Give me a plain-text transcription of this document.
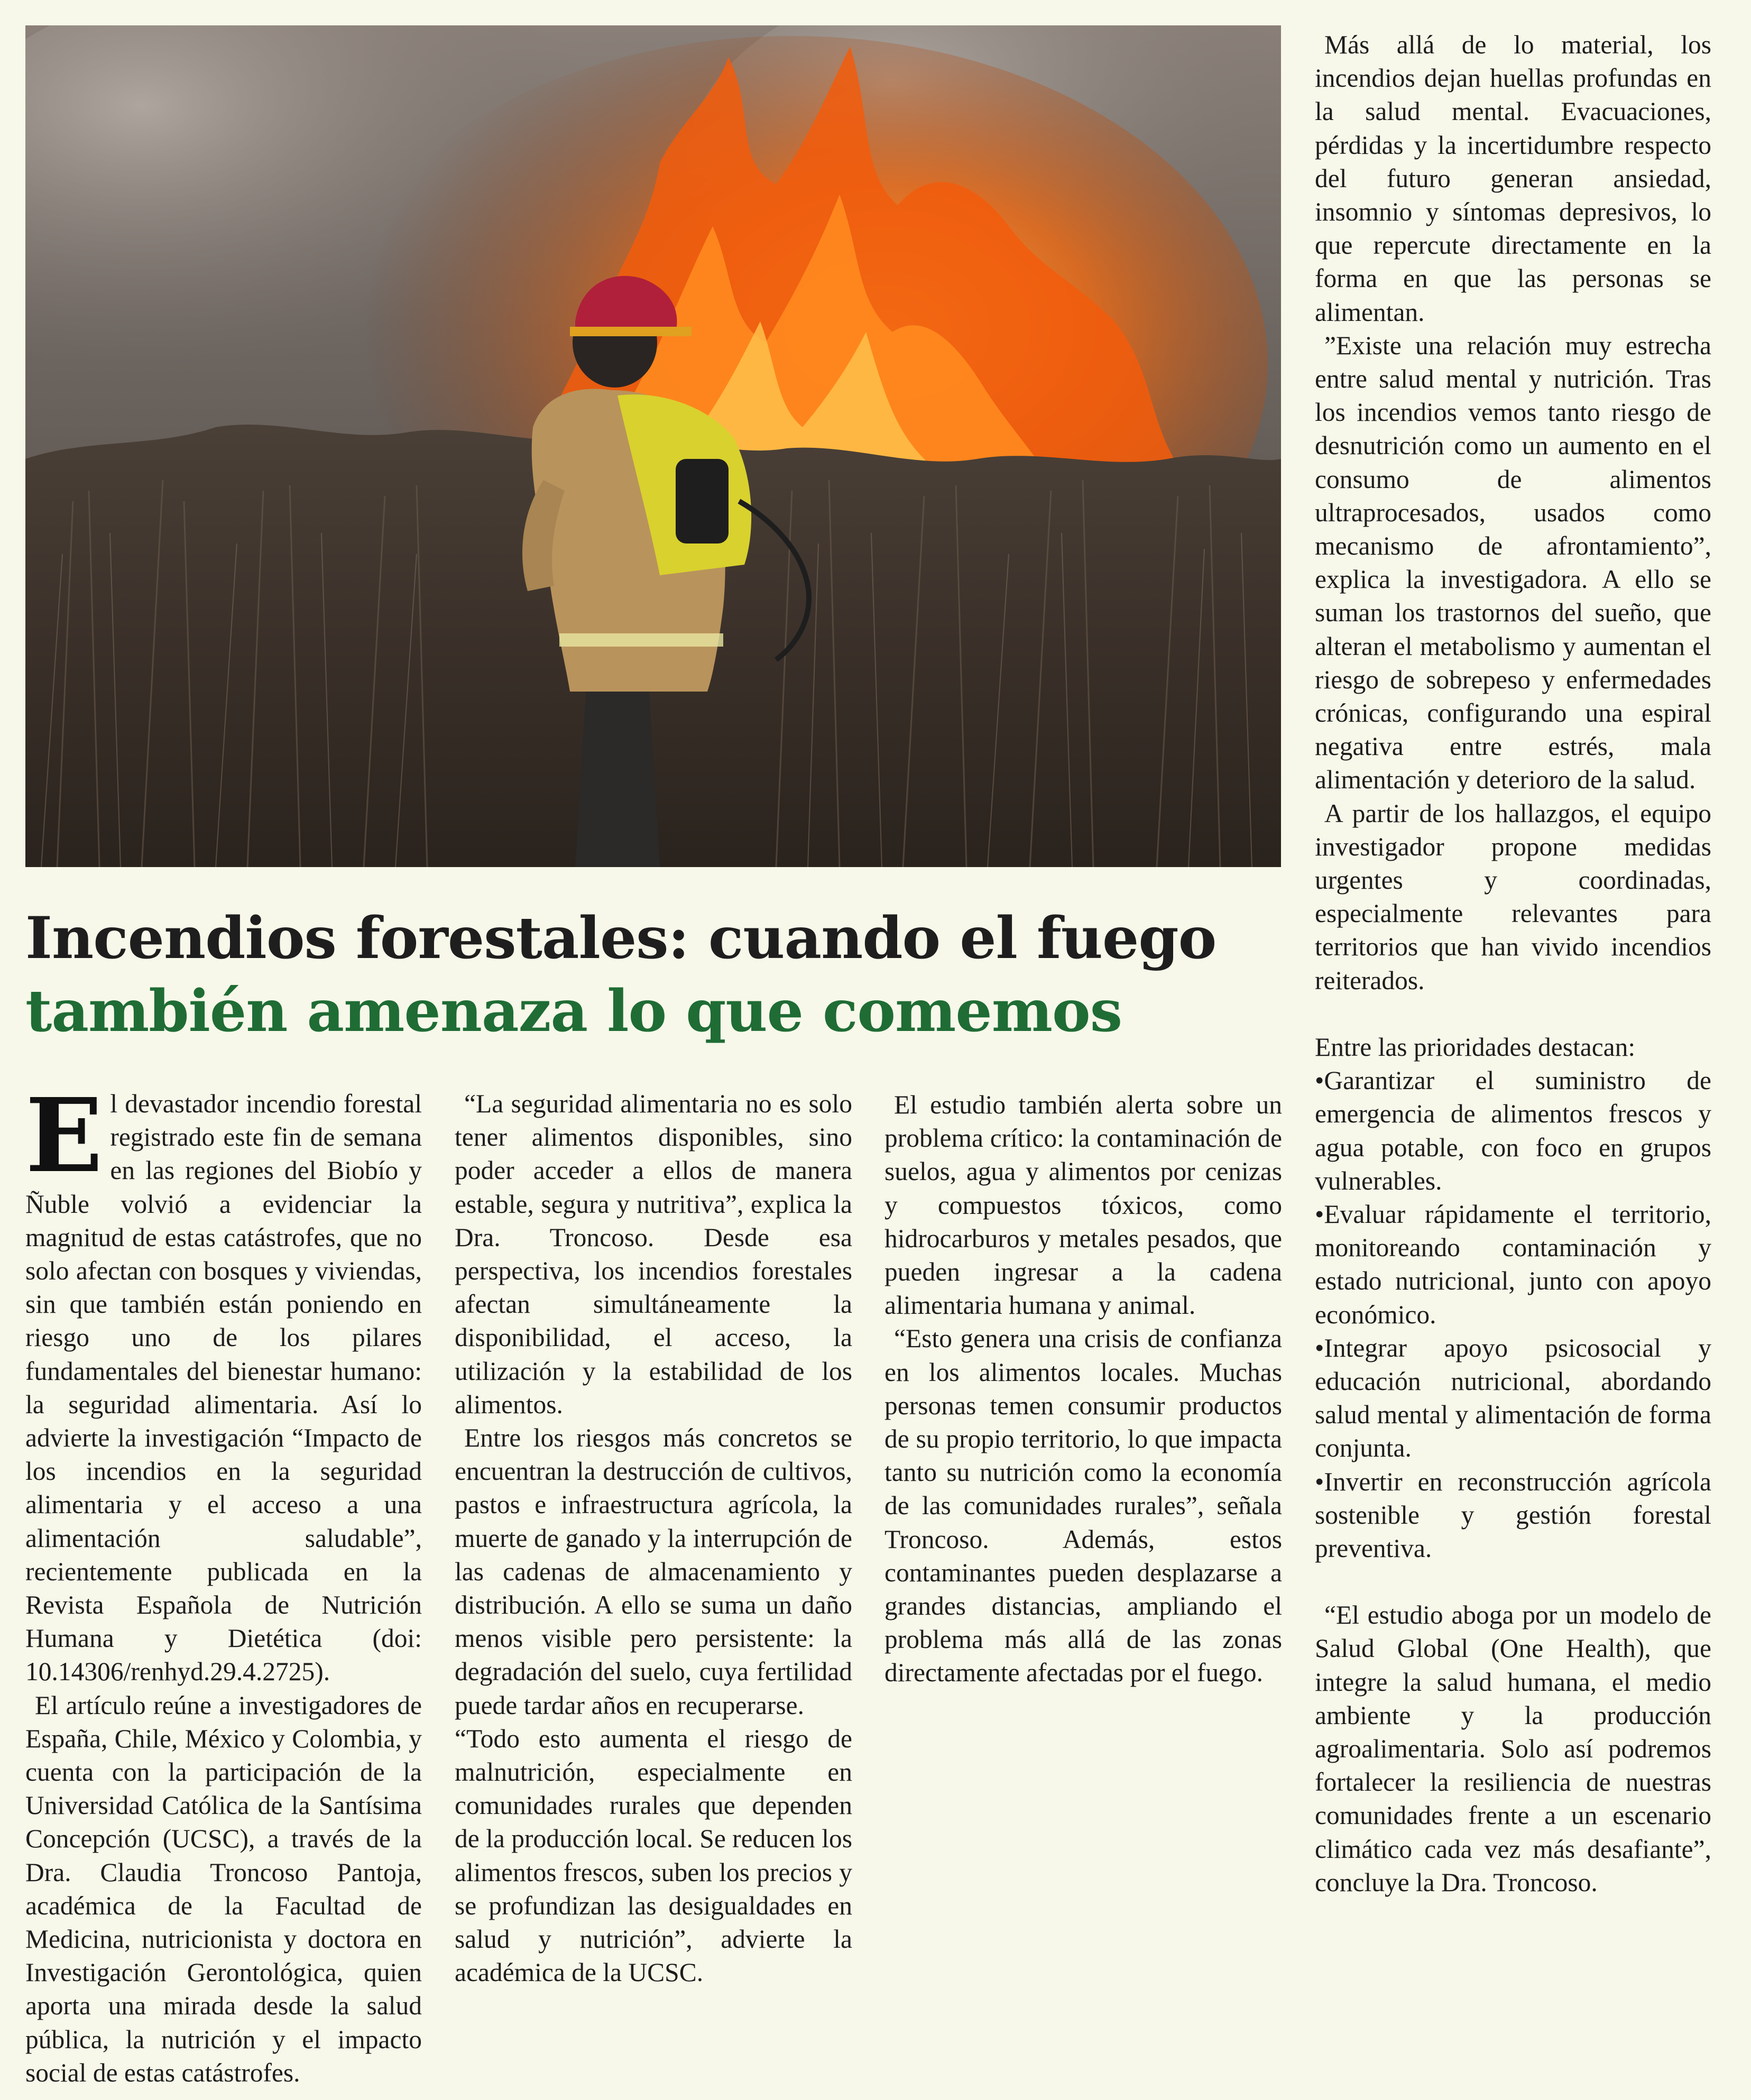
Incendios forestales: cuando el fuego
también amenaza lo que comemos
E l devastador incendio forestal registrado este fin de semana en las regiones del Biobío y Ñuble volvió a evidenciar la magnitud de estas catástrofes, que no solo afectan con bosques y viviendas, sin que también están poniendo en riesgo uno de los pilares fundamentales del bienestar humano: la seguridad alimentaria. Así lo advierte la investigación “Impacto de los incendios en la seguridad alimentaria y el acceso a una alimentación saludable”, recientemente publicada en la Revista Española de Nutrición Humana y Dietética (doi: 10.14306/renhyd.29.4.2725).

El artículo reúne a investigadores de España, Chile, México y Colombia, y cuenta con la participación de la Universidad Católica de la Santísima Concepción (UCSC), a través de la Dra. Claudia Troncoso Pantoja, académica de la Facultad de Medicina, nutricionista y doctora en Investigación Gerontológica, quien aporta una mirada desde la salud pública, la nutrición y el impacto social de estas catástrofes.

“La seguridad alimentaria no es solo tener alimentos disponibles, sino poder acceder a ellos de manera estable, segura y nutritiva”, explica la Dra. Troncoso. Desde esa perspectiva, los incendios forestales afectan simultáneamente la disponibilidad, el acceso, la utilización y la estabilidad de los alimentos.

Entre los riesgos más concretos se encuentran la destrucción de cultivos, pastos e infraestructura agrícola, la muerte de ganado y la interrupción de las cadenas de almacenamiento y distribución. A ello se suma un daño menos visible pero persistente: la degradación del suelo, cuya fertilidad puede tardar años en recuperarse.

“Todo esto aumenta el riesgo de malnutrición, especialmente en comunidades rurales que dependen de la producción local. Se reducen los alimentos frescos, suben los precios y se profundizan las desigualdades en salud y nutrición”, advierte la académica de la UCSC.

El estudio también alerta sobre un problema crítico: la contaminación de suelos, agua y alimentos por cenizas y compuestos tóxicos, como hidrocarburos y metales pesados, que pueden ingresar a la cadena alimentaria humana y animal.

“Esto genera una crisis de confianza en los alimentos locales. Muchas personas temen consumir productos de su propio territorio, lo que impacta tanto su nutrición como la economía de las comunidades rurales”, señala Troncoso. Además, estos contaminantes pueden desplazarse a grandes distancias, ampliando el problema más allá de las zonas directamente afectadas por el fuego.

Más allá de lo material, los incendios dejan huellas profundas en la salud mental. Evacuaciones, pérdidas y la incertidumbre respecto del futuro generan ansiedad, insomnio y síntomas depresivos, lo que repercute directamente en la forma en que las personas se alimentan.

”Existe una relación muy estrecha entre salud mental y nutrición. Tras los incendios vemos tanto riesgo de desnutrición como un aumento en el consumo de alimentos ultraprocesados, usados como mecanismo de afrontamiento”, explica la investigadora. A ello se suman los trastornos del sueño, que alteran el metabolismo y aumentan el riesgo de sobrepeso y enfermedades crónicas, configurando una espiral negativa entre estrés, mala alimentación y deterioro de la salud.

A partir de los hallazgos, el equipo investigador propone medidas urgentes y coordinadas, especialmente relevantes para territorios que han vivido incendios reiterados.

Entre las prioridades destacan:

• Garantizar el suministro de emergencia de alimentos frescos y agua potable, con foco en grupos vulnerables.

• Evaluar rápidamente el territorio, monitoreando contaminación y estado nutricional, junto con apoyo económico.

• Integrar apoyo psicosocial y educación nutricional, abordando salud mental y alimentación de forma conjunta.

• Invertir en reconstrucción agrícola sostenible y gestión forestal preventiva.

“El estudio aboga por un modelo de Salud Global (One Health), que integre la salud humana, el medio ambiente y la producción agroalimentaria. Solo así podremos fortalecer la resiliencia de nuestras comunidades frente a un escenario climático cada vez más desafiante”, concluye la Dra. Troncoso.
